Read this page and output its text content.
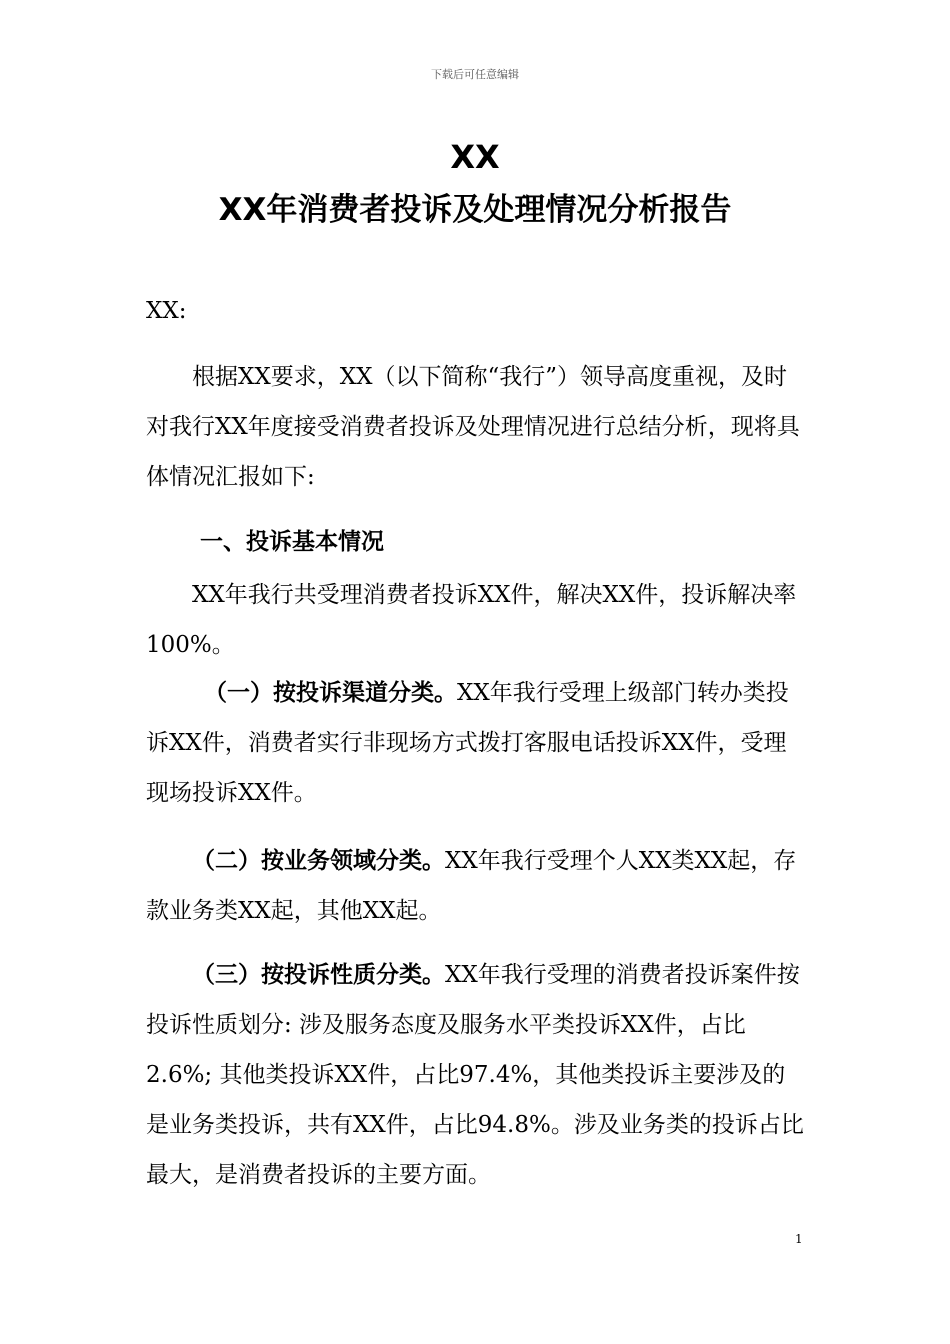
下载后可任意编辑
XX
XX年消费者投诉及处理情况分析报告

XX:

根据XX要求，XX（以下简称“我行”）领导高度重视，及时对我行XX年度接受消费者投诉及处理情况进行总结分析，现将具体情况汇报如下:

一、投诉基本情况

XX年我行共受理消费者投诉XX件，解决XX件，投诉解决率100%。

（一）按投诉渠道分类。XX年我行受理上级部门转办类投诉XX件，消费者实行非现场方式拨打客服电话投诉XX件，受理现场投诉XX件。

（二）按业务领域分类。XX年我行受理个人XX类XX起，存款业务类XX起，其他XX起。

（三）按投诉性质分类。XX年我行受理的消费者投诉案件按投诉性质划分: 涉及服务态度及服务水平类投诉XX件，占比2.6%; 其他类投诉XX件，占比97.4%，其他类投诉主要涉及的是业务类投诉，共有XX件，占比94.8%。涉及业务类的投诉占比最大，是消费者投诉的主要方面。

1
